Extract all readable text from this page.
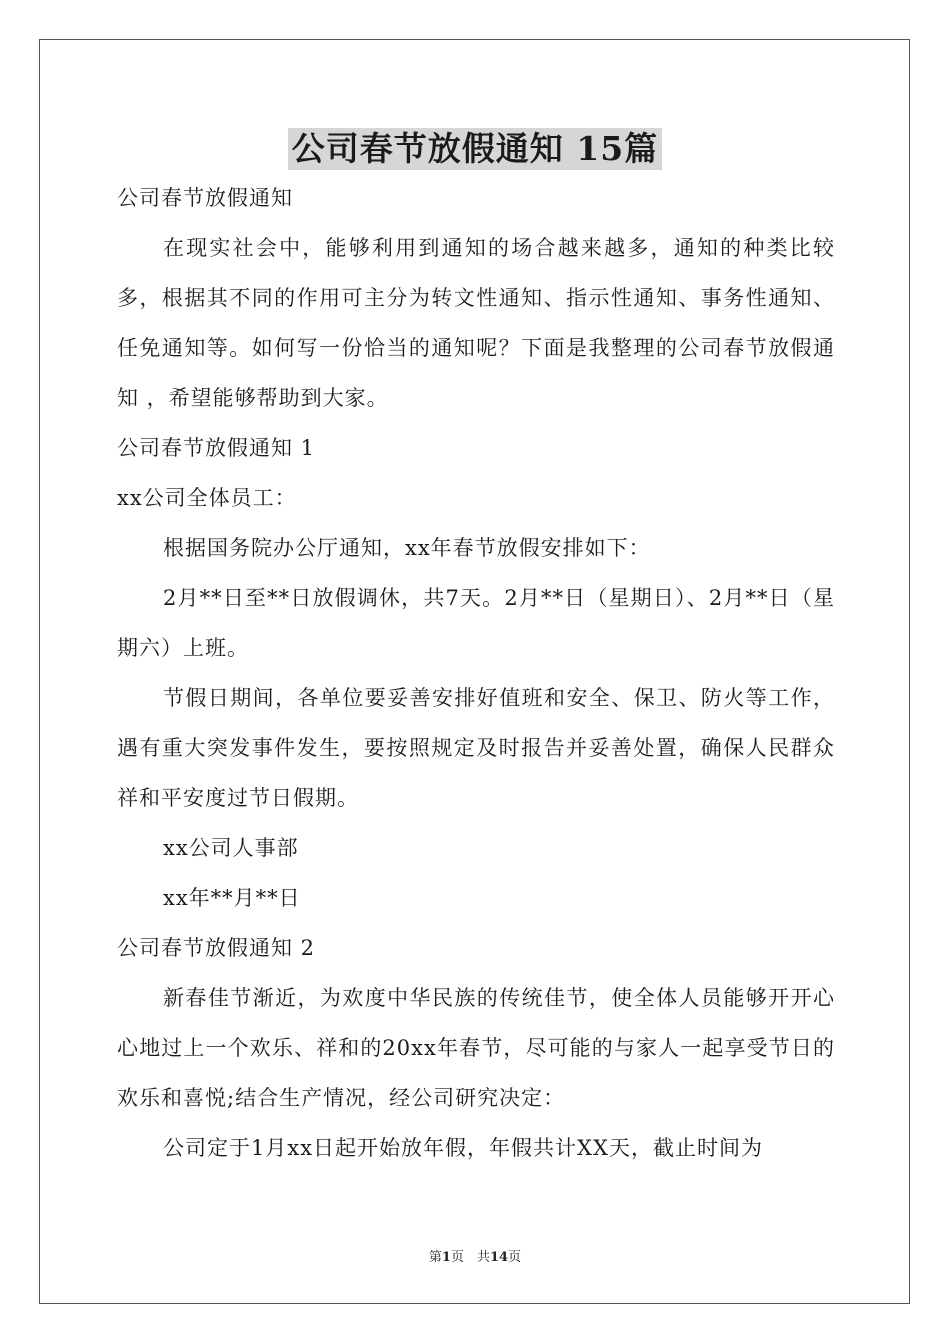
公司春节放假通知 15篇

公司春节放假通知

在现实社会中，能够利用到通知的场合越来越多，通知的种类比较多，根据其不同的作用可主分为转文性通知、指示性通知、事务性通知、任免通知等。如何写一份恰当的通知呢？下面是我整理的公司春节放假通知 ，希望能够帮助到大家。

公司春节放假通知 1

xx公司全体员工：

根据国务院办公厅通知，xx年春节放假安排如下：

2月**日至**日放假调休，共7天。2月**日（星期日）、2月**日（星期六）上班。

节假日期间，各单位要妥善安排好值班和安全、保卫、防火等工作，遇有重大突发事件发生，要按照规定及时报告并妥善处置，确保人民群众祥和平安度过节日假期。

xx公司人事部

xx年**月**日

公司春节放假通知 2

新春佳节渐近，为欢度中华民族的传统佳节，使全体人员能够开开心心地过上一个欢乐、祥和的20xx年春节，尽可能的与家人一起享受节日的欢乐和喜悦;结合生产情况，经公司研究决定：

公司定于1月xx日起开始放年假，年假共计XX天，截止时间为

第1页　共14页
